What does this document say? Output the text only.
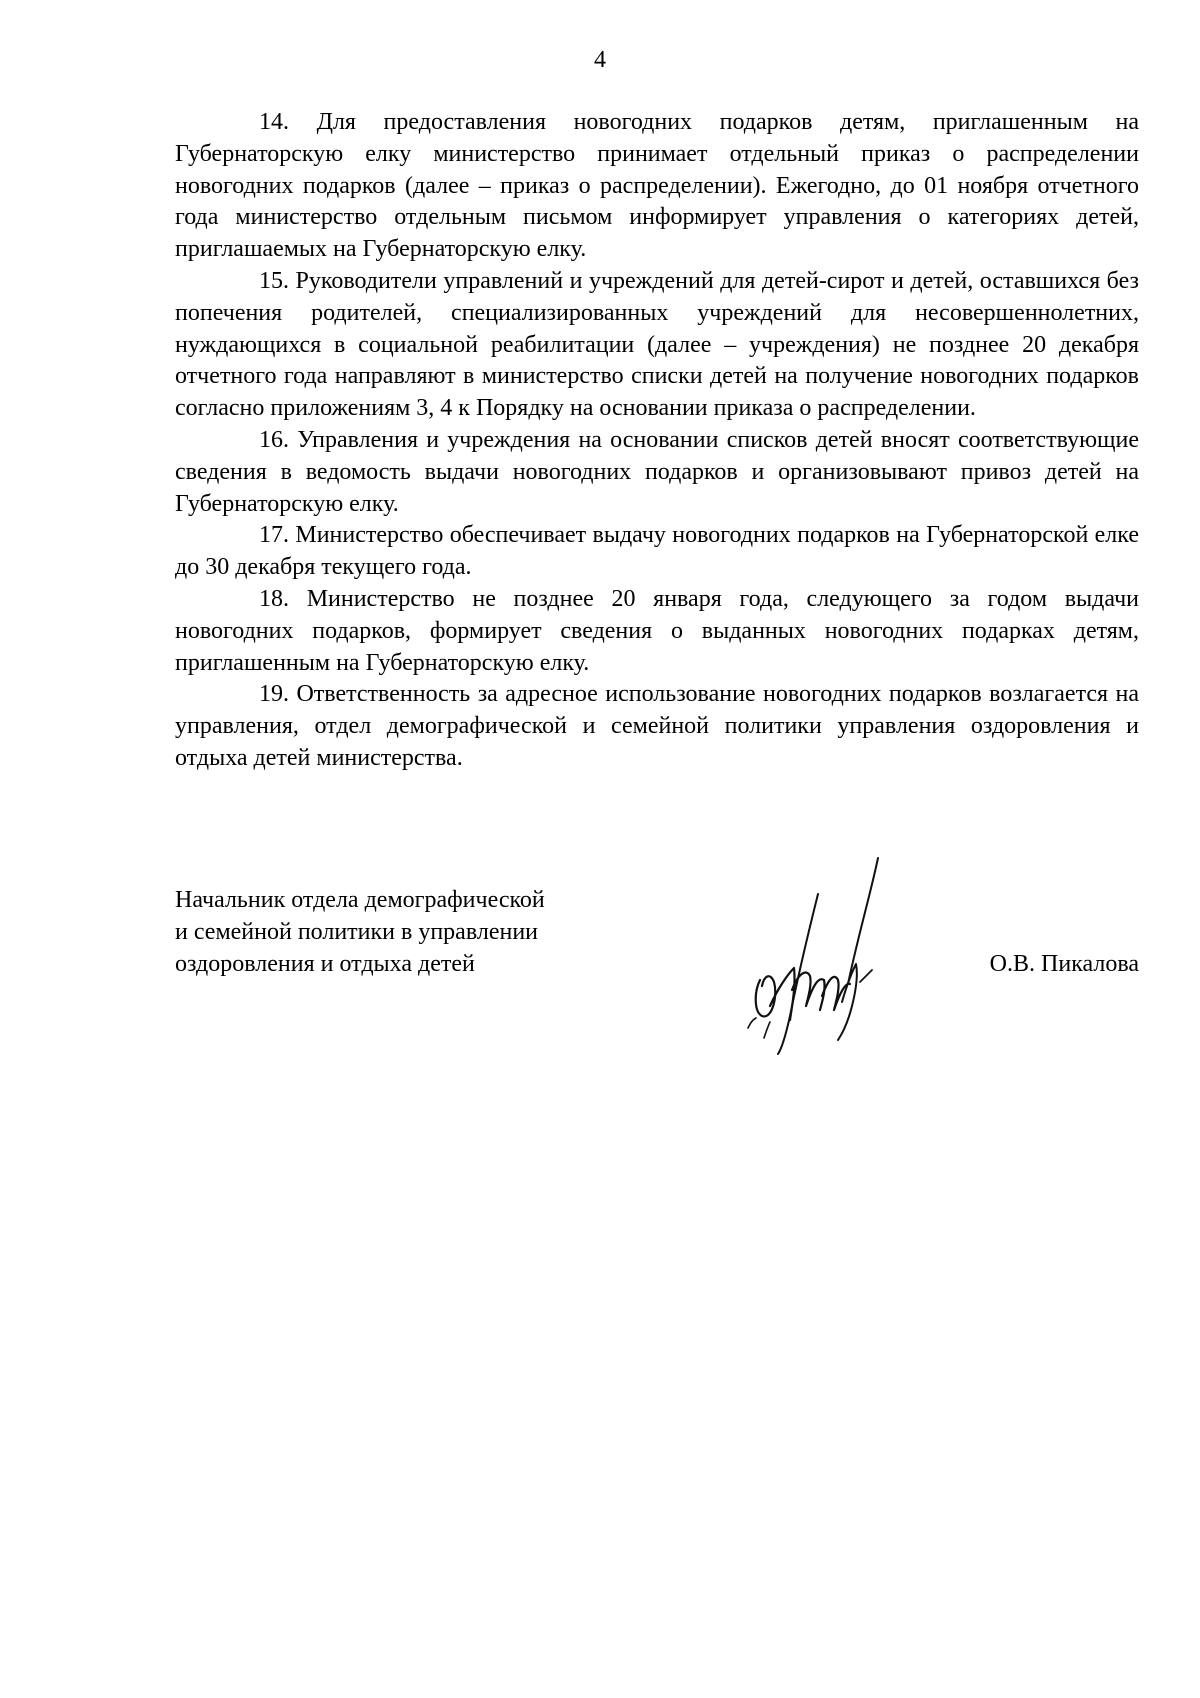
4

14. Для предоставления новогодних подарков детям, приглашенным на Губернаторскую елку министерство принимает отдельный приказ о распределении новогодних подарков (далее – приказ о распределении). Ежегодно, до 01 ноября отчетного года министерство отдельным письмом информирует управления о категориях детей, приглашаемых на Губернаторскую елку.

15. Руководители управлений и учреждений для детей-сирот и детей, оставшихся без попечения родителей, специализированных учреждений для несовершеннолетних, нуждающихся в социальной реабилитации (далее – учреждения) не позднее 20 декабря отчетного года направляют в министерство списки детей на получение новогодних подарков согласно приложениям 3, 4 к Порядку на основании приказа о распределении.

16. Управления и учреждения на основании списков детей вносят соответствующие сведения в ведомость выдачи новогодних подарков и организовывают привоз детей на Губернаторскую елку.

17. Министерство обеспечивает выдачу новогодних подарков на Губернаторской елке до 30 декабря текущего года.

18. Министерство не позднее 20 января года, следующего за годом выдачи новогодних подарков, формирует сведения о выданных новогодних подарках детям, приглашенным на Губернаторскую елку.

19. Ответственность за адресное использование новогодних подарков возлагается на управления, отдел демографической и семейной политики управления оздоровления и отдыха детей министерства.

Начальник отдела демографической
и семейной политики в управлении
оздоровления и отдыха детей	О.В. Пикалова
